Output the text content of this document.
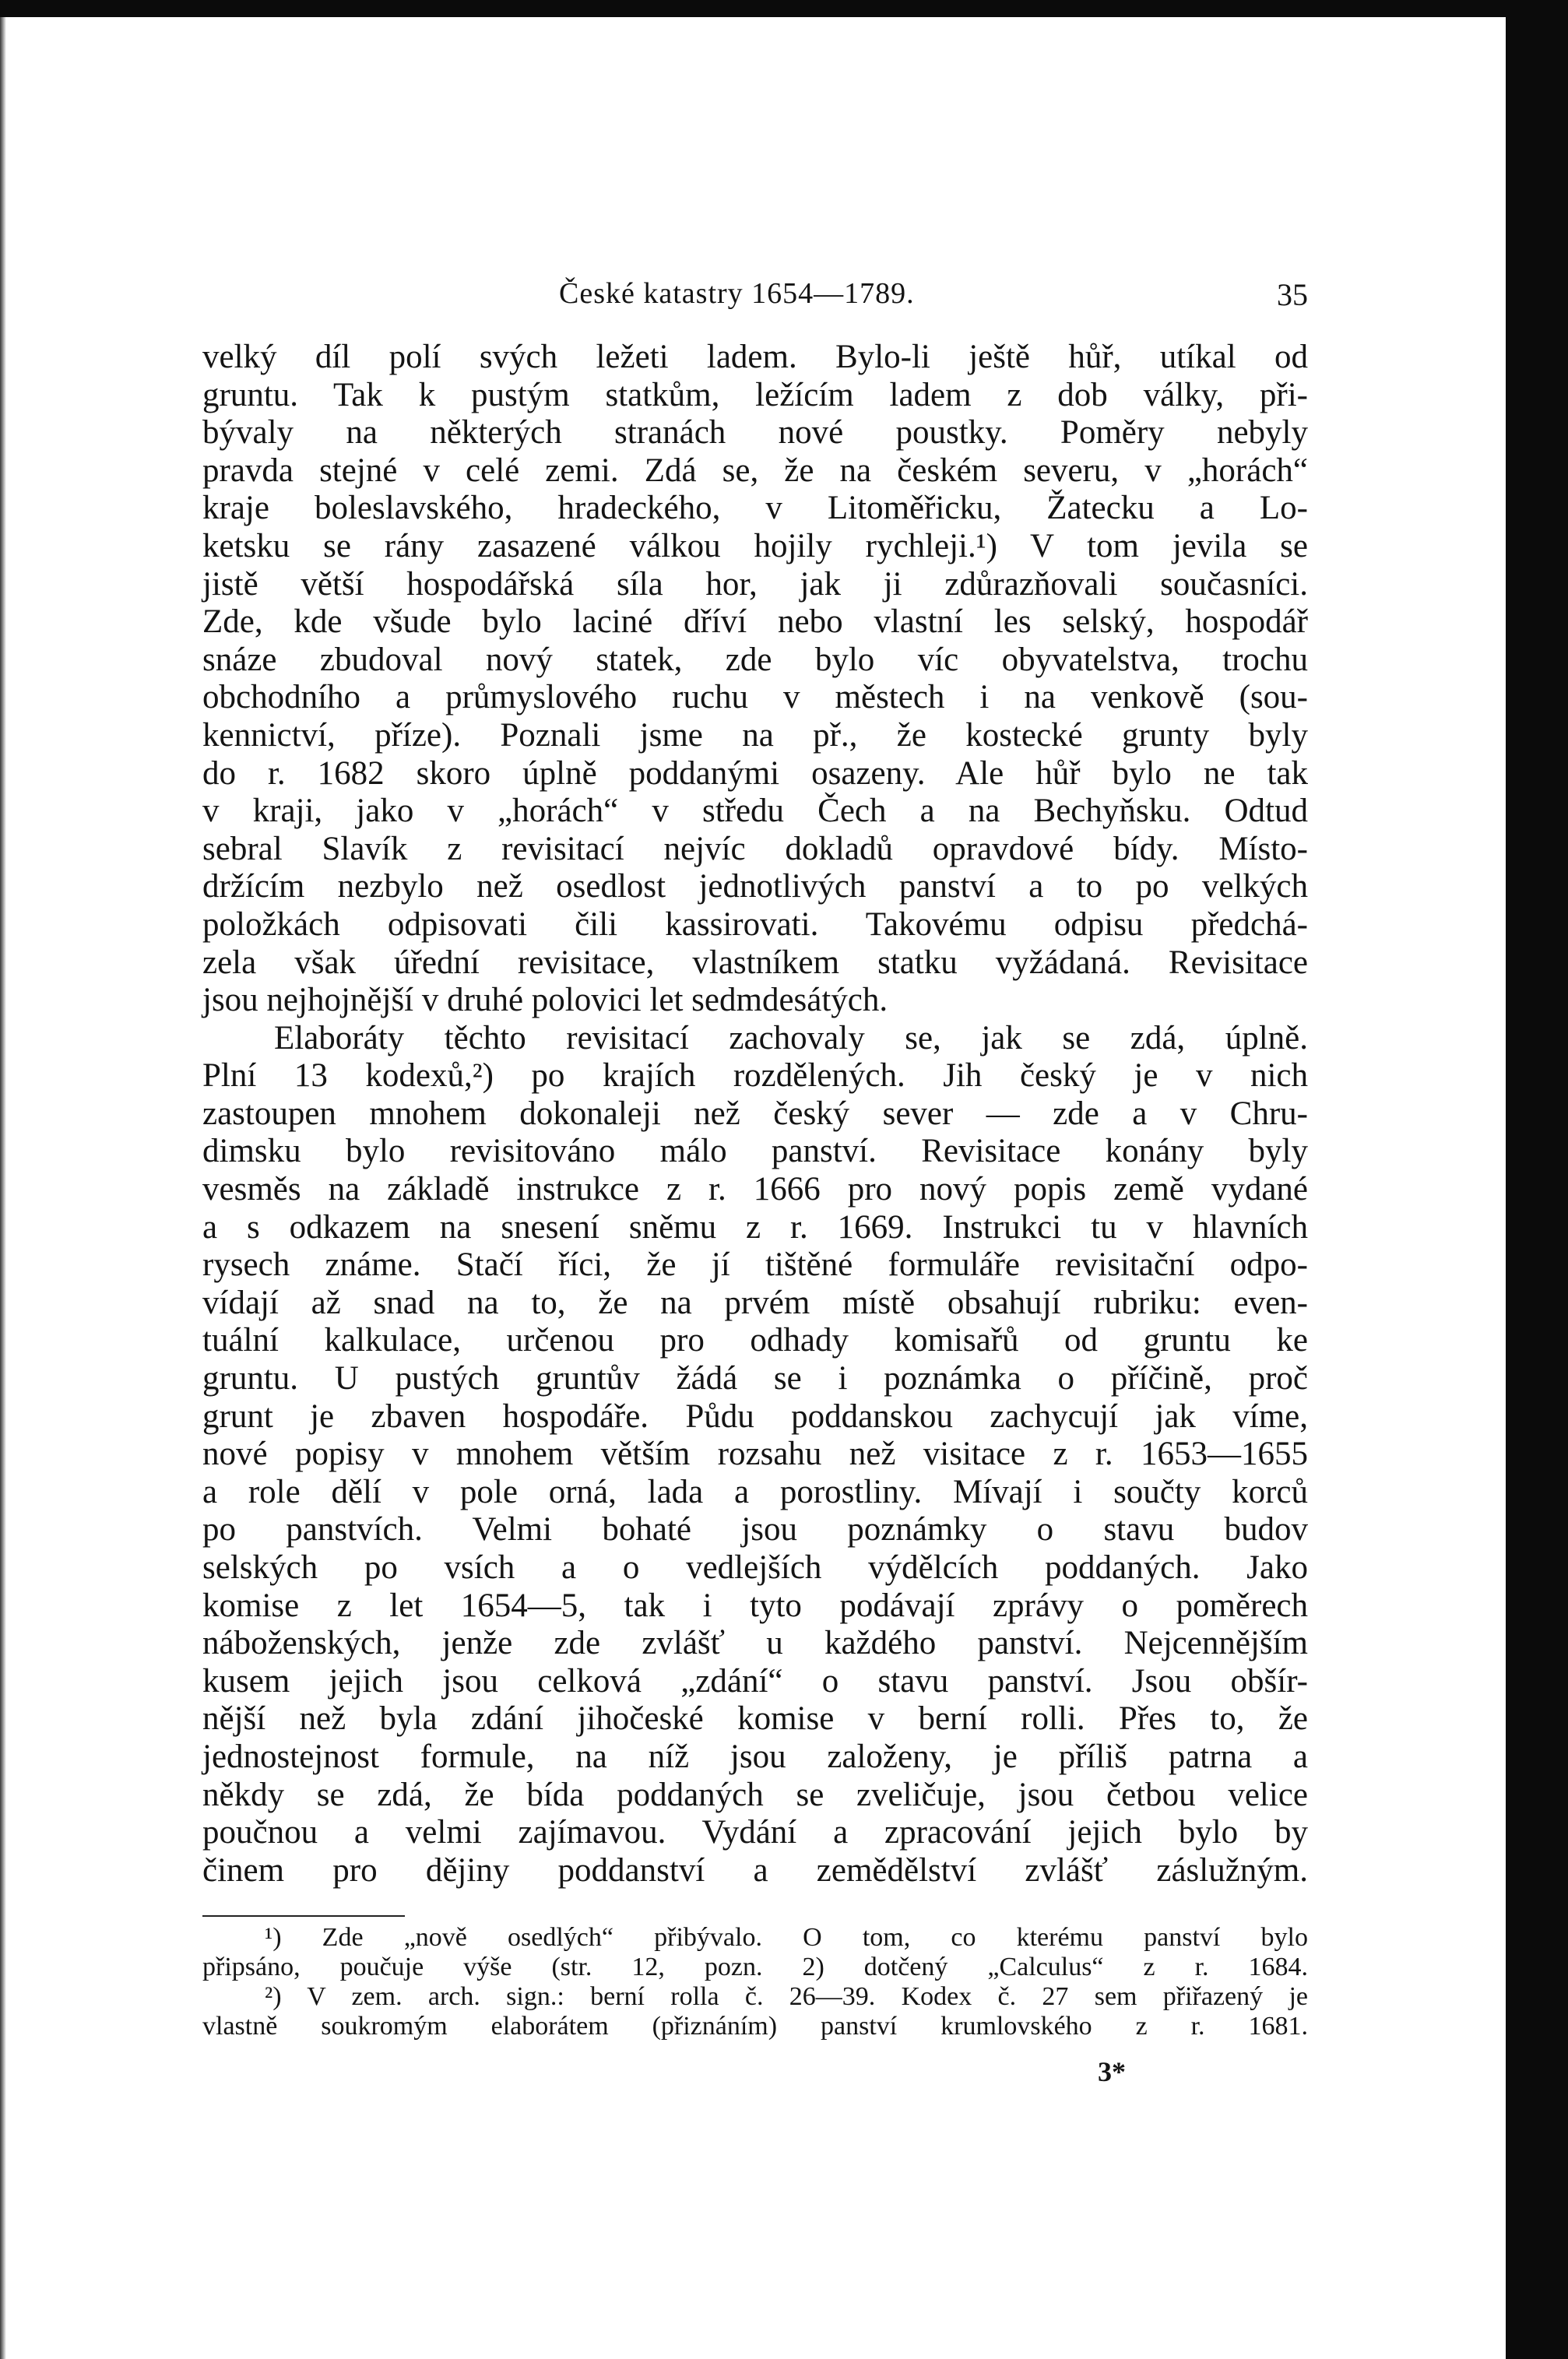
České katastry 1654—1789.	35
velký díl polí svých ležeti ladem. Bylo-li ještě hůř, utíkal od
gruntu. Tak k pustým statkům, ležícím ladem z dob války, při-
bývaly na některých stranách nové poustky. Poměry nebyly
pravda stejné v celé zemi. Zdá se, že na českém severu, v „horách“
kraje boleslavského, hradeckého, v Litoměřicku, Žatecku a Lo-
ketsku se rány zasazené válkou hojily rychleji.¹) V tom jevila se
jistě větší hospodářská síla hor, jak ji zdůrazňovali současníci.
Zde, kde všude bylo laciné dříví nebo vlastní les selský, hospodář
snáze zbudoval nový statek, zde bylo víc obyvatelstva, trochu
obchodního a průmyslového ruchu v městech i na venkově (sou-
kennictví, příze). Poznali jsme na př., že kostecké grunty byly
do r. 1682 skoro úplně poddanými osazeny. Ale hůř bylo ne tak
v kraji, jako v „horách“ v středu Čech a na Bechyňsku. Odtud
sebral Slavík z revisitací nejvíc dokladů opravdové bídy. Místo-
držícím nezbylo než osedlost jednotlivých panství a to po velkých
položkách odpisovati čili kassirovati. Takovému odpisu předchá-
zela však úřední revisitace, vlastníkem statku vyžádaná. Revisitace
jsou nejhojnější v druhé polovici let sedmdesátých.
Elaboráty těchto revisitací zachovaly se, jak se zdá, úplně.
Plní 13 kodexů,²) po krajích rozdělených. Jih český je v nich
zastoupen mnohem dokonaleji než český sever — zde a v Chru-
dimsku bylo revisitováno málo panství. Revisitace konány byly
vesměs na základě instrukce z r. 1666 pro nový popis země vydané
a s odkazem na snesení sněmu z r. 1669. Instrukci tu v hlavních
rysech známe. Stačí říci, že jí tištěné formuláře revisitační odpo-
vídají až snad na to, že na prvém místě obsahují rubriku: even-
tuální kalkulace, určenou pro odhady komisařů od gruntu ke
gruntu. U pustých gruntův žádá se i poznámka o příčině, proč
grunt je zbaven hospodáře. Půdu poddanskou zachycují jak víme,
nové popisy v mnohem větším rozsahu než visitace z r. 1653—1655
a role dělí v pole orná, lada a porostliny. Mívají i součty korců
po panstvích. Velmi bohaté jsou poznámky o stavu budov
selských po vsích a o vedlejších výdělcích poddaných. Jako
komise z let 1654—5, tak i tyto podávají zprávy o poměrech
náboženských, jenže zde zvlášť u každého panství. Nejcennějším
kusem jejich jsou celková „zdání“ o stavu panství. Jsou obšír-
nější než byla zdání jihočeské komise v berní rolli. Přes to, že
jednostejnost formule, na níž jsou založeny, je příliš patrna a
někdy se zdá, že bída poddaných se zveličuje, jsou četbou velice
poučnou a velmi zajímavou. Vydání a zpracování jejich bylo by
činem pro dějiny poddanství a zemědělství zvlášť záslužným.
¹) Zde „nově osedlých“ přibývalo. O tom, co kterému panství bylo
připsáno, poučuje výše (str. 12, pozn. 2) dotčený „Calculus“ z r. 1684.
²) V zem. arch. sign.: berní rolla č. 26—39. Kodex č. 27 sem přiřazený je
vlastně soukromým elaborátem (přiznáním) panství krumlovského z r. 1681.
3*
